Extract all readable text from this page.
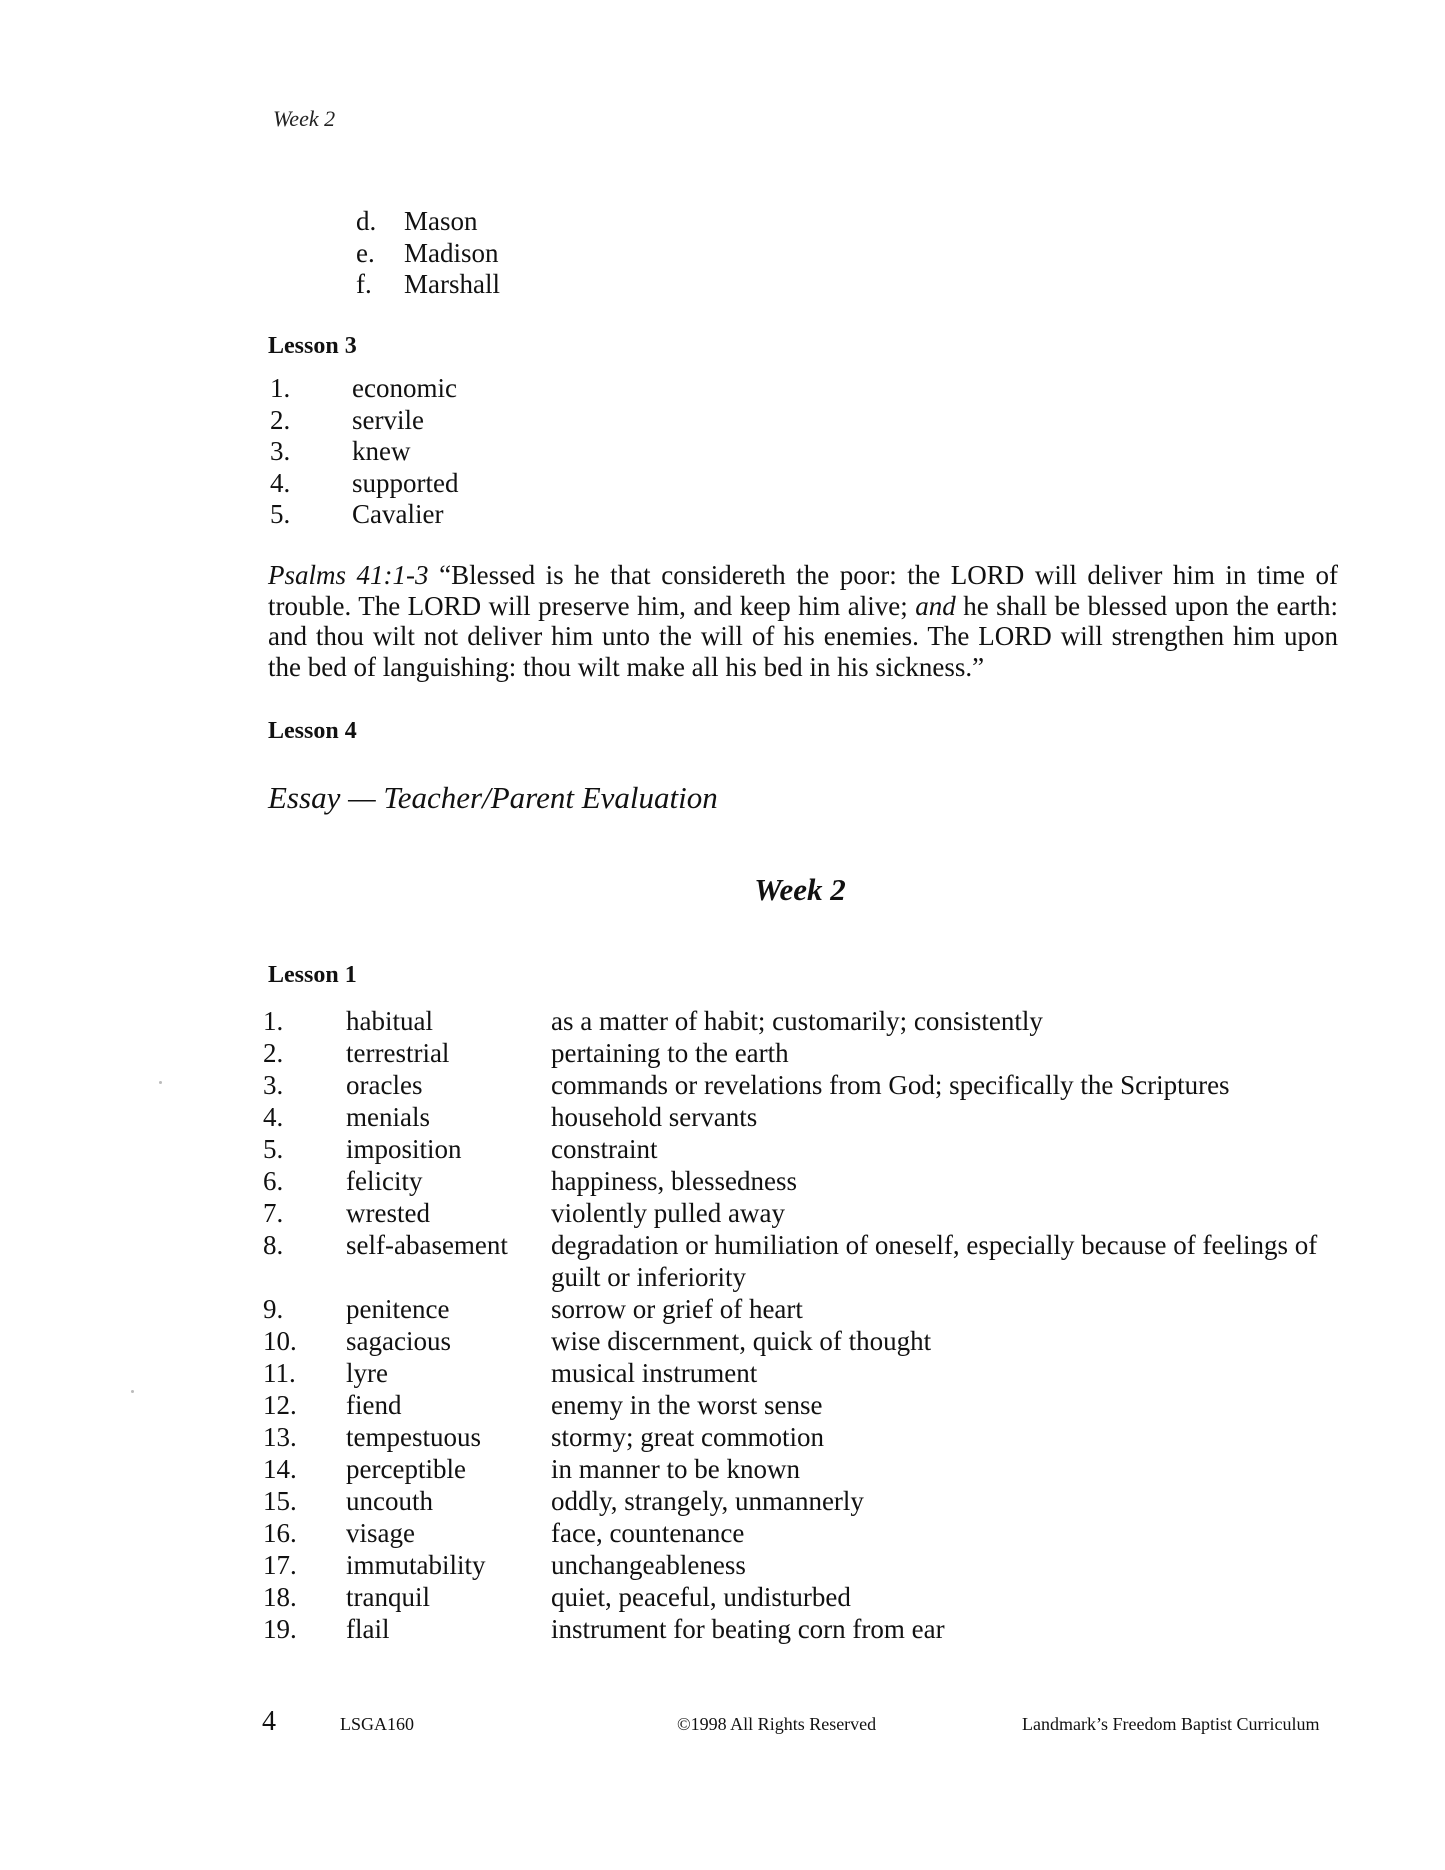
Week 2
d.	Mason
e.	Madison
f.	Marshall
Lesson 3
1.	economic
2.	servile
3.	knew
4.	supported
5.	Cavalier

Psalms 41:1-3 “Blessed is he that considereth the poor: the LORD will deliver him in time of trouble. The LORD will preserve him, and keep him alive; and he shall be blessed upon the earth: and thou wilt not deliver him unto the will of his enemies. The LORD will strengthen him upon the bed of languishing: thou wilt make all his bed in his sickness.”

Lesson 4
Essay — Teacher/Parent Evaluation
Week 2
Lesson 1
1.	habitual	as a matter of habit; customarily; consistently
2.	terrestrial	pertaining to the earth
3.	oracles	commands or revelations from God; specifically the Scriptures
4.	menials	household servants
5.	imposition	constraint
6.	felicity	happiness, blessedness
7.	wrested	violently pulled away
8.	self-abasement	degradation or humiliation of oneself, especially because of feelings of guilt or inferiority
9.	penitence	sorrow or grief of heart
10.	sagacious	wise discernment, quick of thought
11.	lyre	musical instrument
12.	fiend	enemy in the worst sense
13.	tempestuous	stormy; great commotion
14.	perceptible	in manner to be known
15.	uncouth	oddly, strangely, unmannerly
16.	visage	face, countenance
17.	immutability	unchangeableness
18.	tranquil	quiet, peaceful, undisturbed
19.	flail	instrument for beating corn from ear
4	LSGA160	©1998 All Rights Reserved	Landmark’s Freedom Baptist Curriculum
